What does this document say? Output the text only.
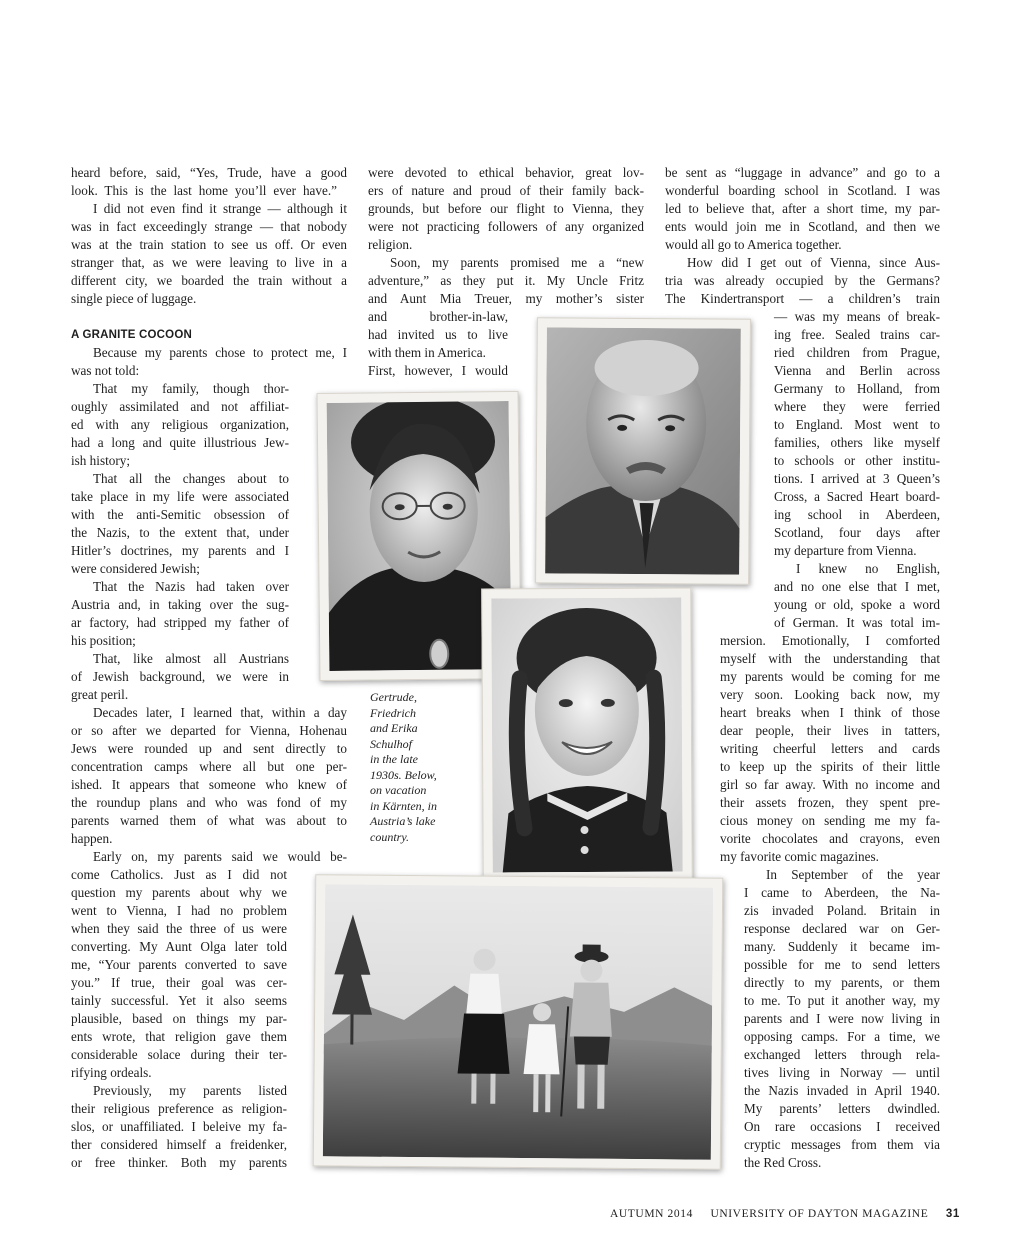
heard before, said, “Yes, Trude, have a good

look. This is the last home you’ll ever have.”

I did not even find it strange — although it

was in fact exceedingly strange — that nobody

was at the train station to see us off. Or even

stranger that, as we were leaving to live in a

different city, we boarded the train without a

single piece of luggage.

A GRANITE COCOON

Because my parents chose to protect me, I

was not told:

That my family, though thor-

oughly assimilated and not affiliat-

ed with any religious organization,

had a long and quite illustrious Jew-

ish history;

That all the changes about to

take place in my life were associated

with the anti-Semitic obsession of

the Nazis, to the extent that, under

Hitler’s doctrines, my parents and I

were considered Jewish;

That the Nazis had taken over

Austria and, in taking over the sug-

ar factory, had stripped my father of

his position;

That, like almost all Austrians

of Jewish background, we were in

great peril.

Decades later, I learned that, within a day

or so after we departed for Vienna, Hohenau

Jews were rounded up and sent directly to

concentration camps where all but one per-

ished. It appears that someone who knew of

the roundup plans and who was fond of my

parents warned them of what was about to

happen.

Early on, my parents said we would be-

come Catholics. Just as I did not

question my parents about why we

went to Vienna, I had no problem

when they said the three of us were

converting. My Aunt Olga later told

me, “Your parents converted to save

you.” If true, their goal was cer-

tainly successful. Yet it also seems

plausible, based on things my par-

ents wrote, that religion gave them

considerable solace during their ter-

rifying ordeals.

Previously, my parents listed

their religious preference as religion-

slos, or unaffiliated. I beleive my fa-

ther considered himself a freidenker,

or free thinker. Both my parents

were devoted to ethical behavior, great lov-

ers of nature and proud of their family back-

grounds, but before our flight to Vienna, they

were not practicing followers of any organized

religion.

Soon, my parents promised me a “new

adventure,” as they put it. My Uncle Fritz

and Aunt Mia Treuer, my mother’s sister

and brother-in-law,

had invited us to live

with them in America.

First, however, I would

be sent as “luggage in advance” and go to a

wonderful boarding school in Scotland. I was

led to believe that, after a short time, my par-

ents would join me in Scotland, and then we

would all go to America together.

How did I get out of Vienna, since Aus-

tria was already occupied by the Germans?

The Kindertransport — a children’s train

— was my means of break-

ing free. Sealed trains car-

ried children from Prague,

Vienna and Berlin across

Germany to Holland, from

where they were ferried

to England. Most went to

families, others like myself

to schools or other institu-

tions. I arrived at 3 Queen’s

Cross, a Sacred Heart board-

ing school in Aberdeen,

Scotland, four days after

my departure from Vienna.

I knew no English,

and no one else that I met,

young or old, spoke a word

of German. It was total im-

mersion. Emotionally, I comforted

myself with the understanding that

my parents would be coming for me

very soon. Looking back now, my

heart breaks when I think of those

dear people, their lives in tatters,

writing cheerful letters and cards

to keep up the spirits of their little

girl so far away. With no income and

their assets frozen, they spent pre-

cious money on sending me my fa-

vorite chocolates and crayons, even

my favorite comic magazines.

In September of the year

I came to Aberdeen, the Na-

zis invaded Poland. Britain in

response declared war on Ger-

many. Suddenly it became im-

possible for me to send letters

directly to my parents, or them

to me. To put it another way, my

parents and I were now living in

opposing camps. For a time, we

exchanged letters through rela-

tives living in Norway — until

the Nazis invaded in April 1940.

My parents’ letters dwindled.

On rare occasions I received

cryptic messages from them via

the Red Cross.

Gertrude,
Friedrich
and Erika
Schulhof
in the late
1930s. Below,
on vacation
in Kärnten, in
Austria’s lake
country.
AUTUMN 2014 UNIVERSITY OF DAYTON MAGAZINE 31
